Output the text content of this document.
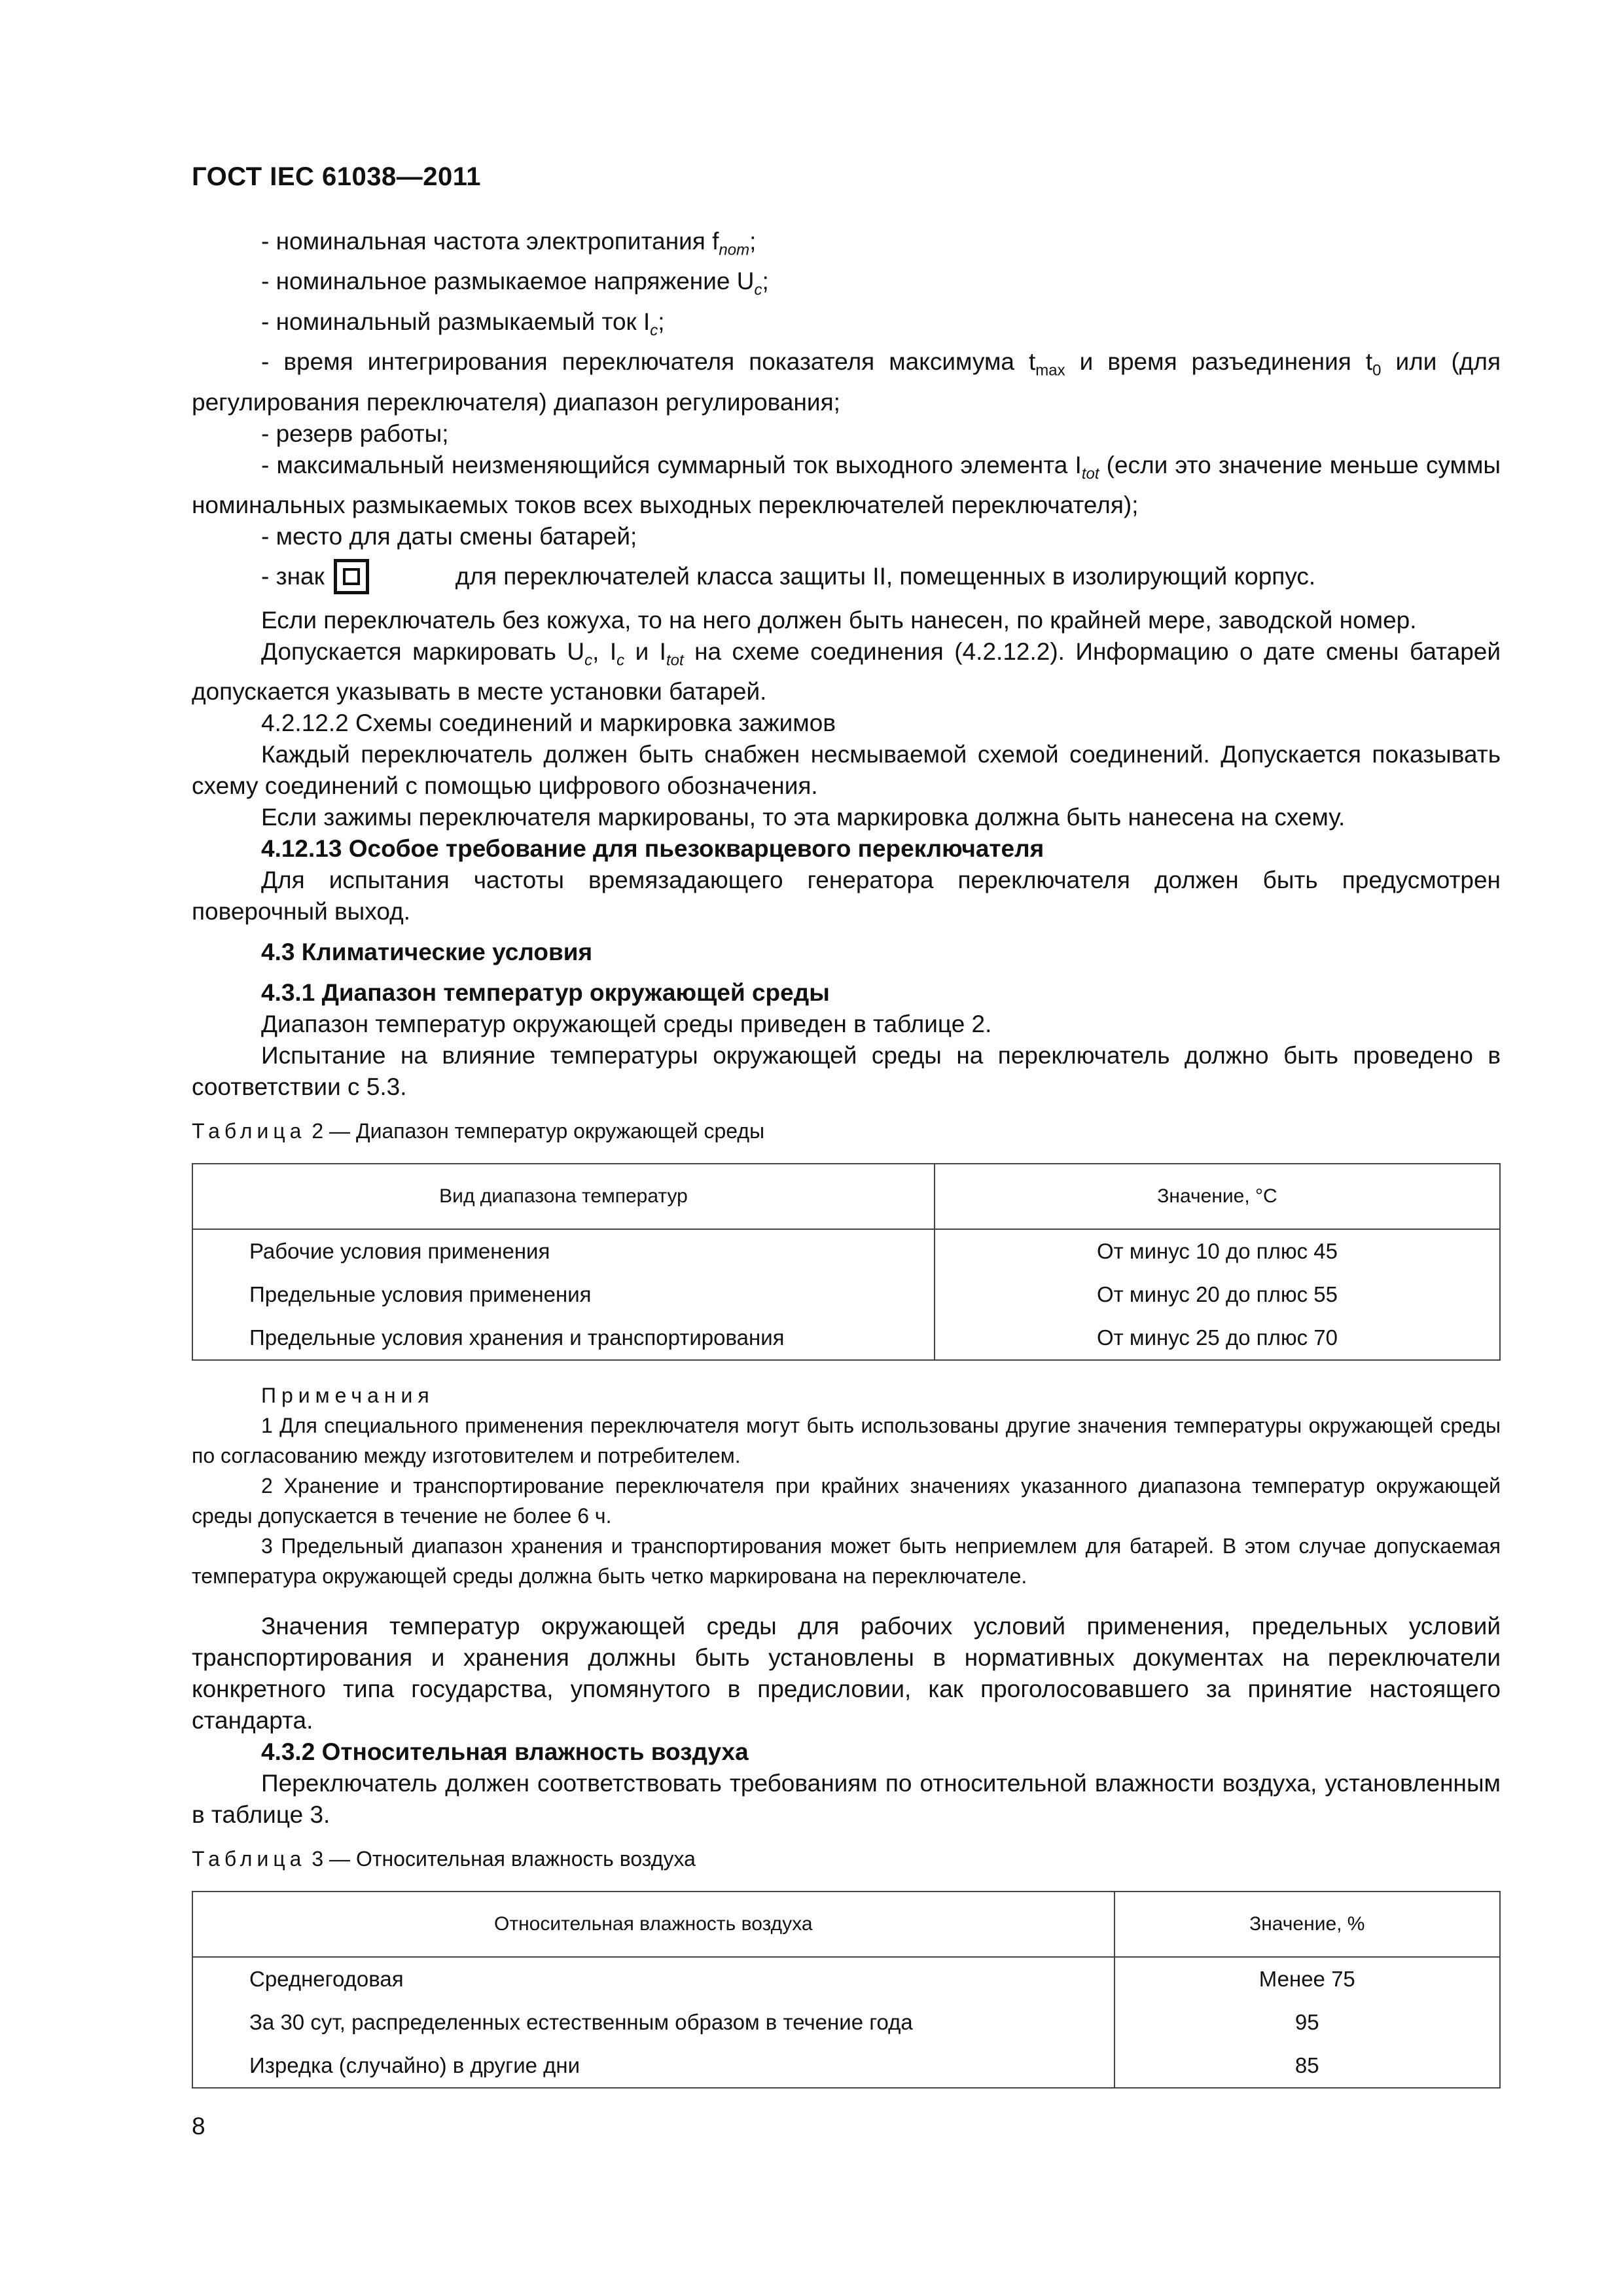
ГОСТ IEC 61038—2011

- номинальная частота электропитания $f_{nom}$;

- номинальное размыкаемое напряжение $U_c$;

- номинальный размыкаемый ток $I_c$;

- время интегрирования переключателя показателя максимума $t_{max}$ и время разъединения $t_0$ или (для регулирования переключателя) диапазон регулирования;

- резерв работы;

- максимальный неизменяющийся суммарный ток выходного элемента $I_{tot}$ (если это значение меньше суммы номинальных размыкаемых токов всех выходных переключателей переключателя);

- место для даты смены батарей;

- знак	для переключателей класса защиты II, помещенных в изолирующий корпус.

Если переключатель без кожуха, то на него должен быть нанесен, по крайней мере, заводской номер.

Допускается маркировать $U_c$, $I_c$ и $I_{tot}$ на схеме соединения (4.2.12.2). Информацию о дате смены батарей допускается указывать в месте установки батарей.

4.2.12.2 Схемы соединений и маркировка зажимов

Каждый переключатель должен быть снабжен несмываемой схемой соединений. Допускается показывать схему соединений с помощью цифрового обозначения.

Если зажимы переключателя маркированы, то эта маркировка должна быть нанесена на схему.

4.12.13 Особое требование для пьезокварцевого переключателя

Для испытания частоты времязадающего генератора переключателя должен быть предусмотрен поверочный выход.

4.3 Климатические условия

4.3.1 Диапазон температур окружающей среды

Диапазон температур окружающей среды приведен в таблице 2.

Испытание на влияние температуры окружающей среды на переключатель должно быть проведено в соответствии с 5.3.

Таблица 2 — Диапазон температур окружающей среды

Вид диапазона температур	Значение, °С
Рабочие условия применения	От минус 10 до плюс 45
Предельные условия применения	От минус 20 до плюс 55
Предельные условия хранения и транспортирования	От минус 25 до плюс 70

Примечания

1 Для специального применения переключателя могут быть использованы другие значения температуры окружающей среды по согласованию между изготовителем и потребителем.

2 Хранение и транспортирование переключателя при крайних значениях указанного диапазона температур окружающей среды допускается в течение не более 6 ч.

3 Предельный диапазон хранения и транспортирования может быть неприемлем для батарей. В этом случае допускаемая температура окружающей среды должна быть четко маркирована на переключателе.

Значения температур окружающей среды для рабочих условий применения, предельных условий транспортирования и хранения должны быть установлены в нормативных документах на переключатели конкретного типа государства, упомянутого в предисловии, как проголосовавшего за принятие настоящего стандарта.

4.3.2 Относительная влажность воздуха

Переключатель должен соответствовать требованиям по относительной влажности воздуха, установленным в таблице 3.

Таблица 3 — Относительная влажность воздуха

Относительная влажность воздуха	Значение, %
Среднегодовая	Менее 75
За 30 сут, распределенных естественным образом в течение года	95
Изредка (случайно) в другие дни	85
8
